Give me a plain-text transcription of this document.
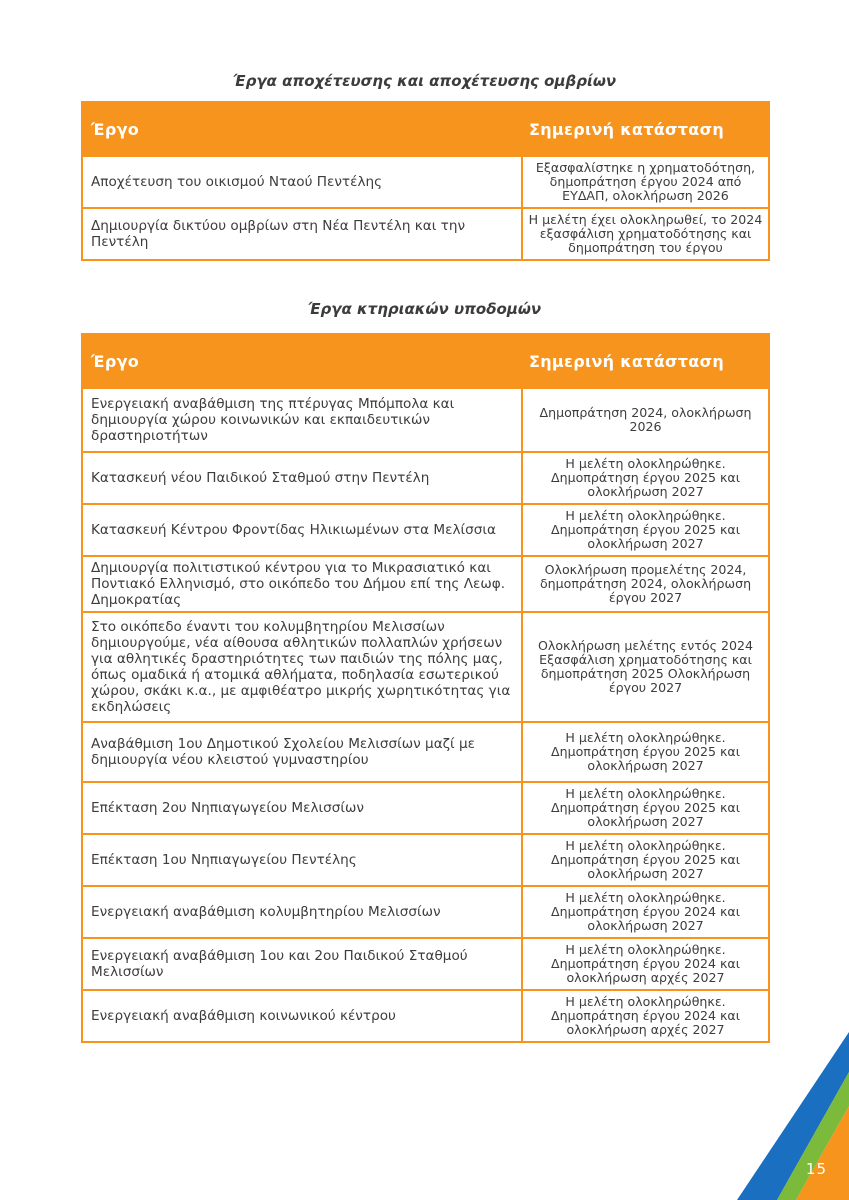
Έργα αποχέτευσης και αποχέτευσης ομβρίων
Έργο	Σημερινή κατάσταση
Αποχέτευση του οικισμού Νταού Πεντέλης	Εξασφαλίστηκε η χρηματοδότηση, δημοπράτηση έργου 2024 από ΕΥΔΑΠ, ολοκλήρωση 2026
Δημιουργία δικτύου ομβρίων στη Νέα Πεντέλη και την Πεντέλη	Η μελέτη έχει ολοκληρωθεί, το 2024 εξασφάλιση χρηματοδότησης και δημοπράτηση του έργου
Έργα κτηριακών υποδομών
Έργο	Σημερινή κατάσταση
Ενεργειακή αναβάθμιση της πτέρυγας Μπόμπολα και δημιουργία χώρου κοινωνικών και εκπαιδευτικών δραστηριοτήτων	Δημοπράτηση 2024, ολοκλήρωση 2026
Κατασκευή νέου Παιδικού Σταθμού στην Πεντέλη	Η μελέτη ολοκληρώθηκε. Δημοπράτηση έργου 2025 και ολοκλήρωση 2027
Κατασκευή Κέντρου Φροντίδας Ηλικιωμένων στα Μελίσσια	Η μελέτη ολοκληρώθηκε. Δημοπράτηση έργου 2025 και ολοκλήρωση 2027
Δημιουργία πολιτιστικού κέντρου για το Μικρασιατικό και Ποντιακό Ελληνισμό, στο οικόπεδο του Δήμου επί της Λεωφ. Δημοκρατίας	Ολοκλήρωση προμελέτης 2024, δημοπράτηση 2024, ολοκλήρωση έργου 2027
Στο οικόπεδο έναντι του κολυμβητηρίου Μελισσίων δημιουργούμε, νέα αίθουσα αθλητικών πολλαπλών χρήσεων για αθλητικές δραστηριότητες των παιδιών της πόλης μας, όπως ομαδικά ή ατομικά αθλήματα, ποδηλασία εσωτερικού χώρου, σκάκι κ.α., με αμφιθέατρο μικρής χωρητικότητας για εκδηλώσεις	Ολοκλήρωση μελέτης εντός 2024 Εξασφάλιση χρηματοδότησης και δημοπράτηση 2025 Ολοκλήρωση έργου 2027
Αναβάθμιση 1ου Δημοτικού Σχολείου Μελισσίων μαζί με δημιουργία νέου κλειστού γυμναστηρίου	Η μελέτη ολοκληρώθηκε. Δημοπράτηση έργου 2025 και ολοκλήρωση 2027
Επέκταση 2ου Νηπιαγωγείου Μελισσίων	Η μελέτη ολοκληρώθηκε. Δημοπράτηση έργου 2025 και ολοκλήρωση 2027
Επέκταση 1ου Νηπιαγωγείου Πεντέλης	Η μελέτη ολοκληρώθηκε. Δημοπράτηση έργου 2025 και ολοκλήρωση 2027
Ενεργειακή αναβάθμιση κολυμβητηρίου Μελισσίων	Η μελέτη ολοκληρώθηκε. Δημοπράτηση έργου 2024 και ολοκλήρωση 2027
Ενεργειακή αναβάθμιση 1ου και 2ου Παιδικού Σταθμού Μελισσίων	Η μελέτη ολοκληρώθηκε. Δημοπράτηση έργου 2024 και ολοκλήρωση αρχές 2027
Ενεργειακή αναβάθμιση κοινωνικού κέντρου	Η μελέτη ολοκληρώθηκε. Δημοπράτηση έργου 2024 και ολοκλήρωση αρχές 2027
15
